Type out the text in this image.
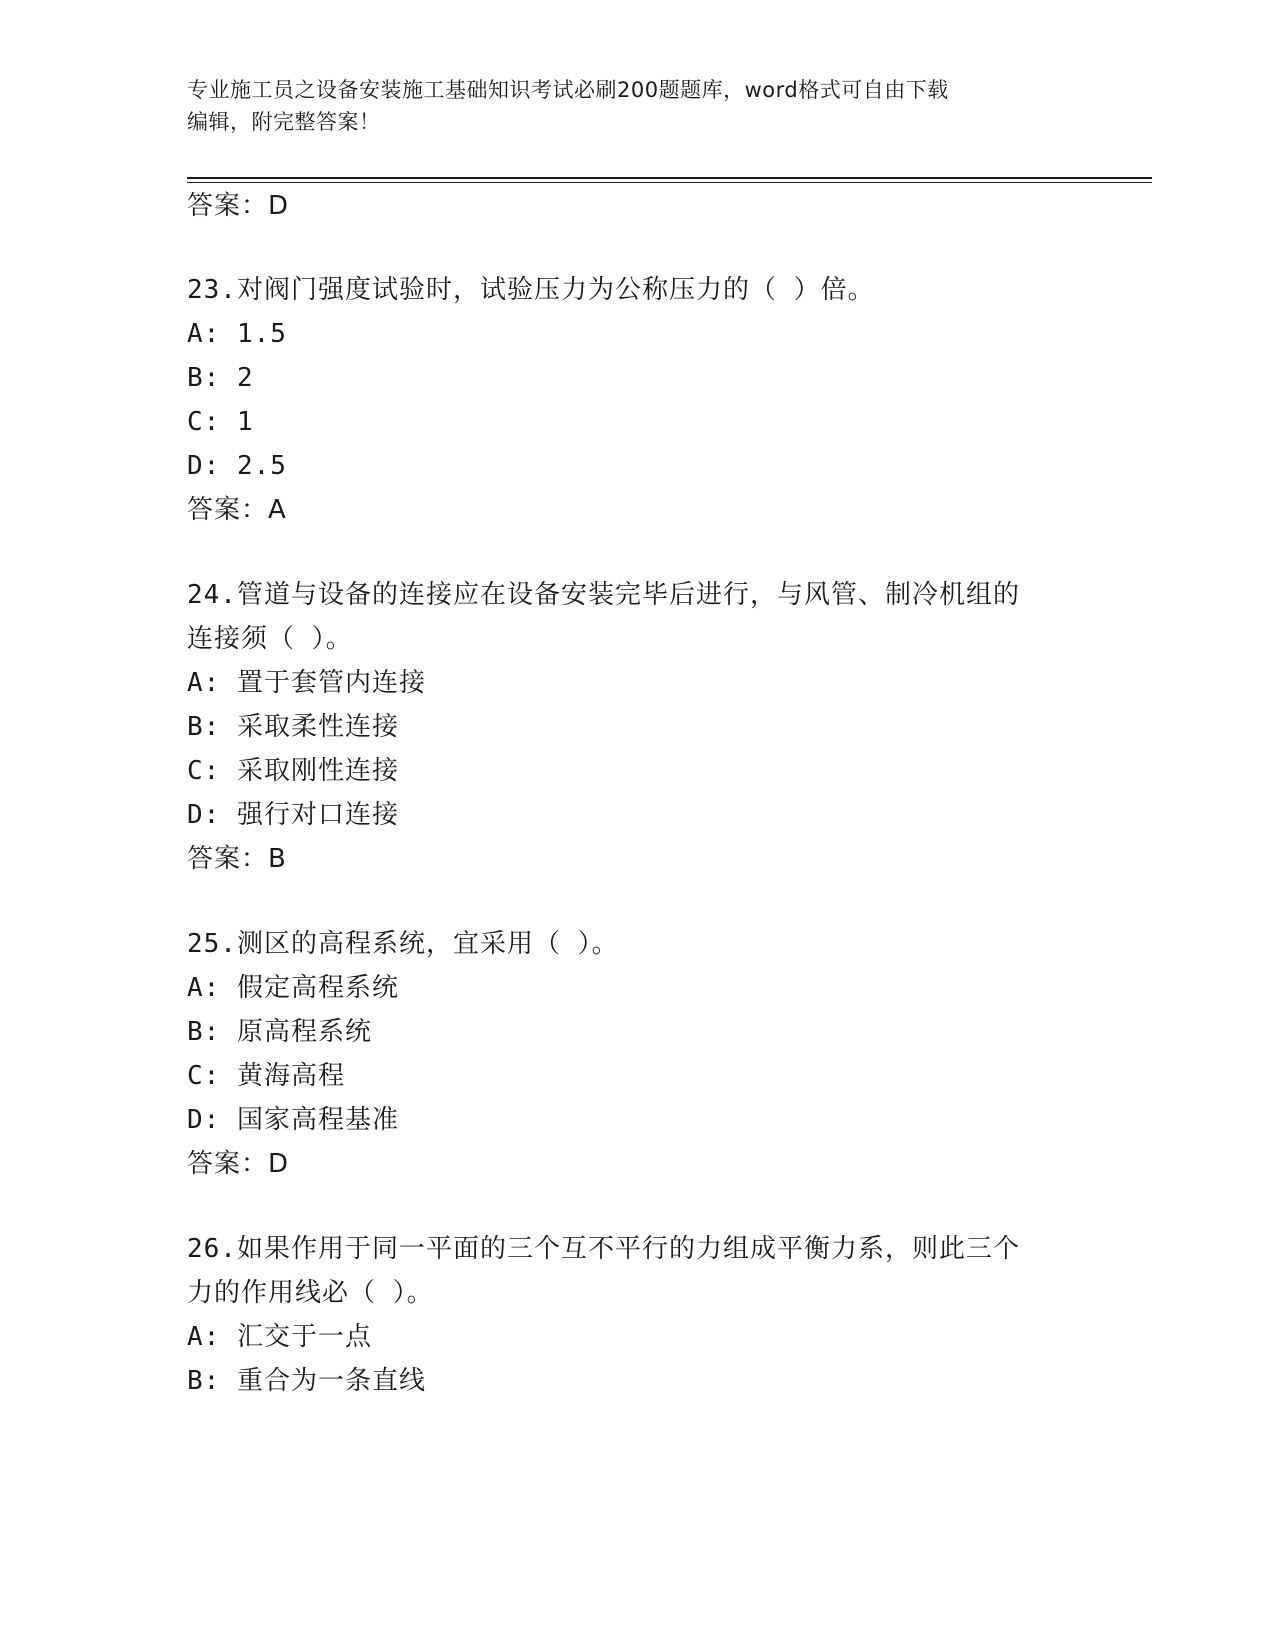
专业施工员之设备安装施工基础知识考试必刷200题题库，word格式可自由下载
编辑，附完整答案！
答案：D
23.对阀门强度试验时，试验压力为公称压力的（ ）倍。
A: 1.5
B: 2
C: 1
D: 2.5
答案：A
24.管道与设备的连接应在设备安装完毕后进行，与风管、制冷机组的
连接须（ ）。
A: 置于套管内连接
B: 采取柔性连接
C: 采取刚性连接
D: 强行对口连接
答案：B
25.测区的高程系统，宜采用（ ）。
A: 假定高程系统
B: 原高程系统
C: 黄海高程
D: 国家高程基准
答案：D
26.如果作用于同一平面的三个互不平行的力组成平衡力系，则此三个
力的作用线必（ ）。
A: 汇交于一点
B: 重合为一条直线
